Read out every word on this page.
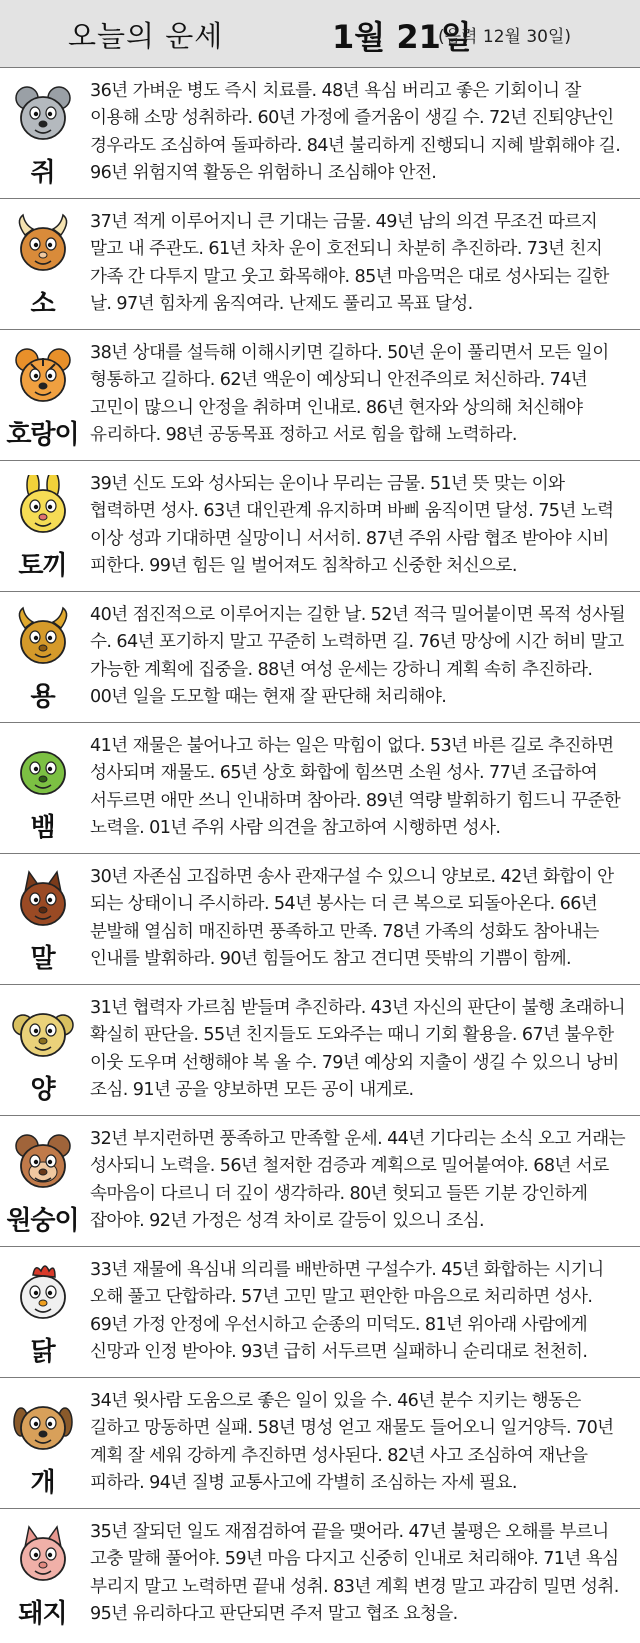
오늘의 운세	1월 21일
(음력 12월 30일)
쥐
36년 가벼운 병도 즉시 치료를. 48년 욕심 버리고 좋은 기회이니 잘 이용해 소망 성취하라. 60년 가정에 즐거움이 생길 수. 72년 진퇴양난인 경우라도 조심하여 돌파하라. 84년 불리하게 진행되니 지혜 발휘해야 길. 96년 위험지역 활동은 위험하니 조심해야 안전.
소
37년 적게 이루어지니 큰 기대는 금물. 49년 남의 의견 무조건 따르지 말고 내 주관도. 61년 차차 운이 호전되니 차분히 추진하라. 73년 친지 가족 간 다투지 말고 웃고 화목해야. 85년 마음먹은 대로 성사되는 길한 날. 97년 힘차게 움직여라. 난제도 풀리고 목표 달성.
호랑이
38년 상대를 설득해 이해시키면 길하다. 50년 운이 풀리면서 모든 일이 형통하고 길하다. 62년 액운이 예상되니 안전주의로 처신하라. 74년 고민이 많으니 안정을 취하며 인내로. 86년 현자와 상의해 처신해야 유리하다. 98년 공동목표 정하고 서로 힘을 합해 노력하라.
토끼
39년 신도 도와 성사되는 운이나 무리는 금물. 51년 뜻 맞는 이와 협력하면 성사. 63년 대인관계 유지하며 바삐 움직이면 달성. 75년 노력 이상 성과 기대하면 실망이니 서서히. 87년 주위 사람 협조 받아야 시비 피한다. 99년 힘든 일 벌어져도 침착하고 신중한 처신으로.
용
40년 점진적으로 이루어지는 길한 날. 52년 적극 밀어붙이면 목적 성사될 수. 64년 포기하지 말고 꾸준히 노력하면 길. 76년 망상에 시간 허비 말고 가능한 계획에 집중을. 88년 여성 운세는 강하니 계획 속히 추진하라. 00년 일을 도모할 때는 현재 잘 판단해 처리해야.
뱀
41년 재물은 불어나고 하는 일은 막힘이 없다. 53년 바른 길로 추진하면 성사되며 재물도. 65년 상호 화합에 힘쓰면 소원 성사. 77년 조급하여 서두르면 애만 쓰니 인내하며 참아라. 89년 역량 발휘하기 힘드니 꾸준한 노력을. 01년 주위 사람 의견을 참고하여 시행하면 성사.
말
30년 자존심 고집하면 송사 관재구설 수 있으니 양보로. 42년 화합이 안 되는 상태이니 주시하라. 54년 봉사는 더 큰 복으로 되돌아온다. 66년 분발해 열심히 매진하면 풍족하고 만족. 78년 가족의 성화도 참아내는 인내를 발휘하라. 90년 힘들어도 참고 견디면 뜻밖의 기쁨이 함께.
양
31년 협력자 가르침 받들며 추진하라. 43년 자신의 판단이 불행 초래하니 확실히 판단을. 55년 친지들도 도와주는 때니 기회 활용을. 67년 불우한 이웃 도우며 선행해야 복 올 수. 79년 예상외 지출이 생길 수 있으니 낭비 조심. 91년 공을 양보하면 모든 공이 내게로.
원숭이
32년 부지런하면 풍족하고 만족할 운세. 44년 기다리는 소식 오고 거래는 성사되니 노력을. 56년 철저한 검증과 계획으로 밀어붙여야. 68년 서로 속마음이 다르니 더 깊이 생각하라. 80년 헛되고 들뜬 기분 강인하게 잡아야. 92년 가정은 성격 차이로 갈등이 있으니 조심.
닭
33년 재물에 욕심내 의리를 배반하면 구설수가. 45년 화합하는 시기니 오해 풀고 단합하라. 57년 고민 말고 편안한 마음으로 처리하면 성사. 69년 가정 안정에 우선시하고 순종의 미덕도. 81년 위아래 사람에게 신망과 인정 받아야. 93년 급히 서두르면 실패하니 순리대로 천천히.
개
34년 윗사람 도움으로 좋은 일이 있을 수. 46년 분수 지키는 행동은 길하고 망동하면 실패. 58년 명성 얻고 재물도 들어오니 일거양득. 70년 계획 잘 세워 강하게 추진하면 성사된다. 82년 사고 조심하여 재난을 피하라. 94년 질병 교통사고에 각별히 조심하는 자세 필요.
돼지
35년 잘되던 일도 재점검하여 끝을 맺어라. 47년 불평은 오해를 부르니 고충 말해 풀어야. 59년 마음 다지고 신중히 인내로 처리해야. 71년 욕심 부리지 말고 노력하면 끝내 성취. 83년 계획 변경 말고 과감히 밀면 성취. 95년 유리하다고 판단되면 주저 말고 협조 요청을.
